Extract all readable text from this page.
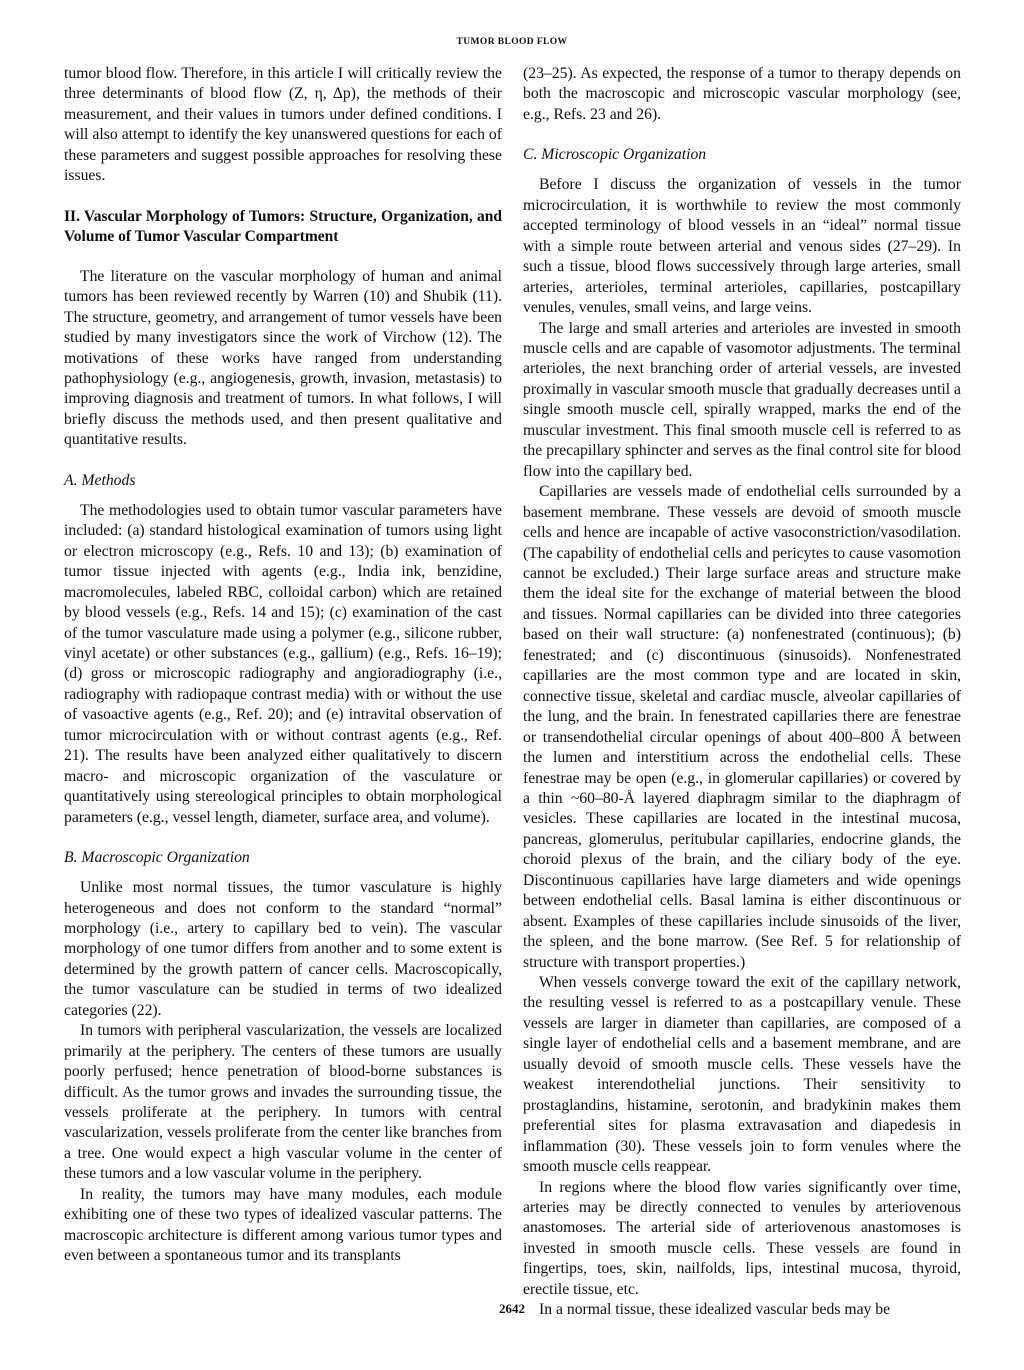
TUMOR BLOOD FLOW

tumor blood flow. Therefore, in this article I will critically review the three determinants of blood flow (Z, η, Δp), the methods of their measurement, and their values in tumors under defined conditions. I will also attempt to identify the key unanswered questions for each of these parameters and suggest possible approaches for resolving these issues.

II. Vascular Morphology of Tumors: Structure, Organization, and Volume of Tumor Vascular Compartment

The literature on the vascular morphology of human and animal tumors has been reviewed recently by Warren (10) and Shubik (11). The structure, geometry, and arrangement of tumor vessels have been studied by many investigators since the work of Virchow (12). The motivations of these works have ranged from understanding pathophysiology (e.g., angiogenesis, growth, invasion, metastasis) to improving diagnosis and treatment of tumors. In what follows, I will briefly discuss the methods used, and then present qualitative and quantitative results.

A. Methods

The methodologies used to obtain tumor vascular parameters have included: (a) standard histological examination of tumors using light or electron microscopy (e.g., Refs. 10 and 13); (b) examination of tumor tissue injected with agents (e.g., India ink, benzidine, macromolecules, labeled RBC, colloidal carbon) which are retained by blood vessels (e.g., Refs. 14 and 15); (c) examination of the cast of the tumor vasculature made using a polymer (e.g., silicone rubber, vinyl acetate) or other substances (e.g., gallium) (e.g., Refs. 16–19); (d) gross or microscopic radiography and angioradiography (i.e., radiography with radiopaque contrast media) with or without the use of vasoactive agents (e.g., Ref. 20); and (e) intravital observation of tumor microcirculation with or without contrast agents (e.g., Ref. 21). The results have been analyzed either qualitatively to discern macro- and microscopic organization of the vasculature or quantitatively using stereological principles to obtain morphological parameters (e.g., vessel length, diameter, surface area, and volume).

B. Macroscopic Organization

Unlike most normal tissues, the tumor vasculature is highly heterogeneous and does not conform to the standard “normal” morphology (i.e., artery to capillary bed to vein). The vascular morphology of one tumor differs from another and to some extent is determined by the growth pattern of cancer cells. Macroscopically, the tumor vasculature can be studied in terms of two idealized categories (22).

In tumors with peripheral vascularization, the vessels are localized primarily at the periphery. The centers of these tumors are usually poorly perfused; hence penetration of blood-borne substances is difficult. As the tumor grows and invades the surrounding tissue, the vessels proliferate at the periphery. In tumors with central vascularization, vessels proliferate from the center like branches from a tree. One would expect a high vascular volume in the center of these tumors and a low vascular volume in the periphery.

In reality, the tumors may have many modules, each module exhibiting one of these two types of idealized vascular patterns. The macroscopic architecture is different among various tumor types and even between a spontaneous tumor and its transplants

(23–25). As expected, the response of a tumor to therapy depends on both the macroscopic and microscopic vascular morphology (see, e.g., Refs. 23 and 26).

C. Microscopic Organization

Before I discuss the organization of vessels in the tumor microcirculation, it is worthwhile to review the most commonly accepted terminology of blood vessels in an “ideal” normal tissue with a simple route between arterial and venous sides (27–29). In such a tissue, blood flows successively through large arteries, small arteries, arterioles, terminal arterioles, capillaries, postcapillary venules, venules, small veins, and large veins.

The large and small arteries and arterioles are invested in smooth muscle cells and are capable of vasomotor adjustments. The terminal arterioles, the next branching order of arterial vessels, are invested proximally in vascular smooth muscle that gradually decreases until a single smooth muscle cell, spirally wrapped, marks the end of the muscular investment. This final smooth muscle cell is referred to as the precapillary sphincter and serves as the final control site for blood flow into the capillary bed.

Capillaries are vessels made of endothelial cells surrounded by a basement membrane. These vessels are devoid of smooth muscle cells and hence are incapable of active vasoconstriction/vasodilation. (The capability of endothelial cells and pericytes to cause vasomotion cannot be excluded.) Their large surface areas and structure make them the ideal site for the exchange of material between the blood and tissues. Normal capillaries can be divided into three categories based on their wall structure: (a) nonfenestrated (continuous); (b) fenestrated; and (c) discontinuous (sinusoids). Nonfenestrated capillaries are the most common type and are located in skin, connective tissue, skeletal and cardiac muscle, alveolar capillaries of the lung, and the brain. In fenestrated capillaries there are fenestrae or transendothelial circular openings of about 400–800 Å between the lumen and interstitium across the endothelial cells. These fenestrae may be open (e.g., in glomerular capillaries) or covered by a thin ~60–80-Å layered diaphragm similar to the diaphragm of vesicles. These capillaries are located in the intestinal mucosa, pancreas, glomerulus, peritubular capillaries, endocrine glands, the choroid plexus of the brain, and the ciliary body of the eye. Discontinuous capillaries have large diameters and wide openings between endothelial cells. Basal lamina is either discontinuous or absent. Examples of these capillaries include sinusoids of the liver, the spleen, and the bone marrow. (See Ref. 5 for relationship of structure with transport properties.)

When vessels converge toward the exit of the capillary network, the resulting vessel is referred to as a postcapillary venule. These vessels are larger in diameter than capillaries, are composed of a single layer of endothelial cells and a basement membrane, and are usually devoid of smooth muscle cells. These vessels have the weakest interendothelial junctions. Their sensitivity to prostaglandins, histamine, serotonin, and bradykinin makes them preferential sites for plasma extravasation and diapedesis in inflammation (30). These vessels join to form venules where the smooth muscle cells reappear.

In regions where the blood flow varies significantly over time, arteries may be directly connected to venules by arteriovenous anastomoses. The arterial side of arteriovenous anastomoses is invested in smooth muscle cells. These vessels are found in fingertips, toes, skin, nailfolds, lips, intestinal mucosa, thyroid, erectile tissue, etc.

In a normal tissue, these idealized vascular beds may be

2642
